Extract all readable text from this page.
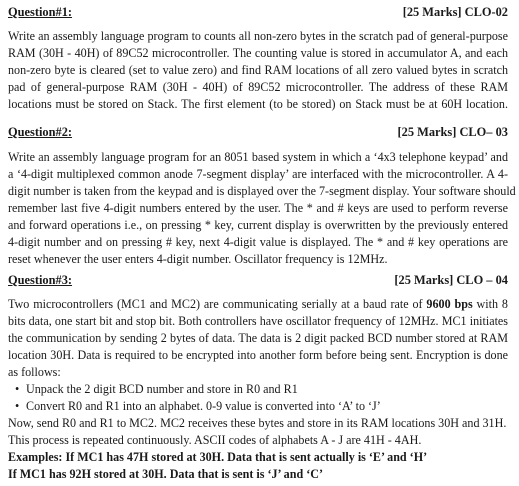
Question#1:	[25 Marks] CLO-02
Write an assembly language program to counts all non-zero bytes in the scratch pad of general-purpose
RAM (30H - 40H) of 89C52 microcontroller. The counting value is stored in accumulator A, and each
non-zero byte is cleared (set to value zero) and find RAM locations of all zero valued bytes in scratch
pad of general-purpose RAM (30H - 40H) of 89C52 microcontroller. The address of these RAM
locations must be stored on Stack. The first element (to be stored) on Stack must be at 60H location.
Question#2:	[25 Marks] CLO– 03
Write an assembly language program for an 8051 based system in which a ‘4x3 telephone keypad’ and
a ‘4-digit multiplexed common anode 7-segment display’ are interfaced with the microcontroller. A 4-
digit number is taken from the keypad and is displayed over the 7-segment display. Your software should
remember last five 4-digit numbers entered by the user. The * and # keys are used to perform reverse
and forward operations i.e., on pressing * key, current display is overwritten by the previously entered
4-digit number and on pressing # key, next 4-digit value is displayed. The * and # key operations are
reset whenever the user enters 4-digit number. Oscillator frequency is 12MHz.
Question#3:	[25 Marks] CLO – 04
Two microcontrollers (MC1 and MC2) are communicating serially at a baud rate of 9600 bps with 8
bits data, one start bit and stop bit. Both controllers have oscillator frequency of 12MHz. MC1 initiates
the communication by sending 2 bytes of data. The data is 2 digit packed BCD number stored at RAM
location 30H. Data is required to be encrypted into another form before being sent. Encryption is done
as follows:
• Unpack the 2 digit BCD number and store in R0 and R1
• Convert R0 and R1 into an alphabet. 0-9 value is converted into ‘A’ to ‘J’
Now, send R0 and R1 to MC2. MC2 receives these bytes and store in its RAM locations 30H and 31H.
This process is repeated continuously. ASCII codes of alphabets A - J are 41H - 4AH.
Examples: If MC1 has 47H stored at 30H. Data that is sent actually is ‘E’ and ‘H’
If MC1 has 92H stored at 30H. Data that is sent is ‘J’ and ‘C’
